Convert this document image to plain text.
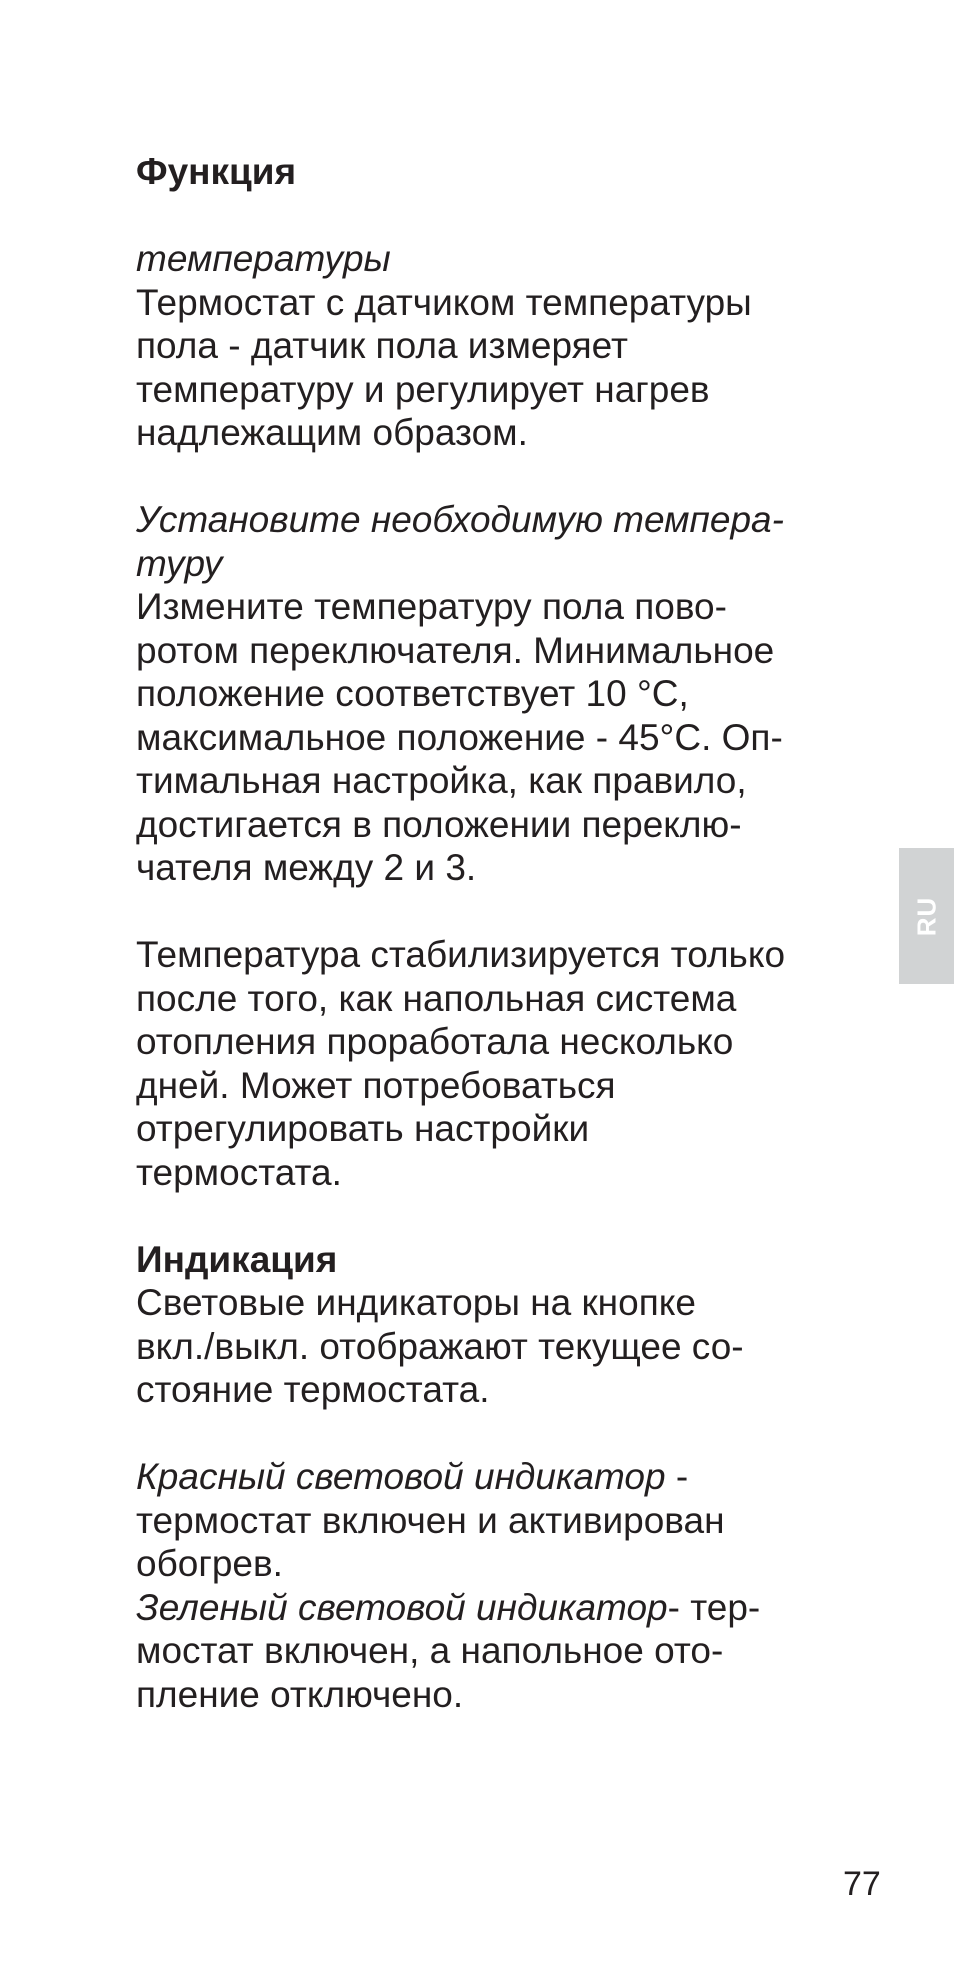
Функция
температуры
Термостат с датчиком температуры
пола - датчик пола измеряет
температуру и регулирует нагрев
надлежащим образом.
Установите необходимую темпера-
туру
Измените температуру пола пово-
ротом переключателя. Минимальное
положение соответствует 10 °C,
максимальное положение - 45°C. Оп-
тимальная настройка, как правило,
достигается в положении переклю-
чателя между 2 и 3.
Температура стабилизируется только
после того, как напольная система
отопления проработала несколько
дней. Может потребоваться
отрегулировать настройки
термостата.
Индикация
Световые индикаторы на кнопке
вкл./выкл. отображают текущее со-
стояние термостата.
Красный световой индикатор -
термостат включен и активирован
обогрев.
Зеленый световой индикатор- тер-
мостат включен, а напольное ото-
пление отключено.
RU
77
